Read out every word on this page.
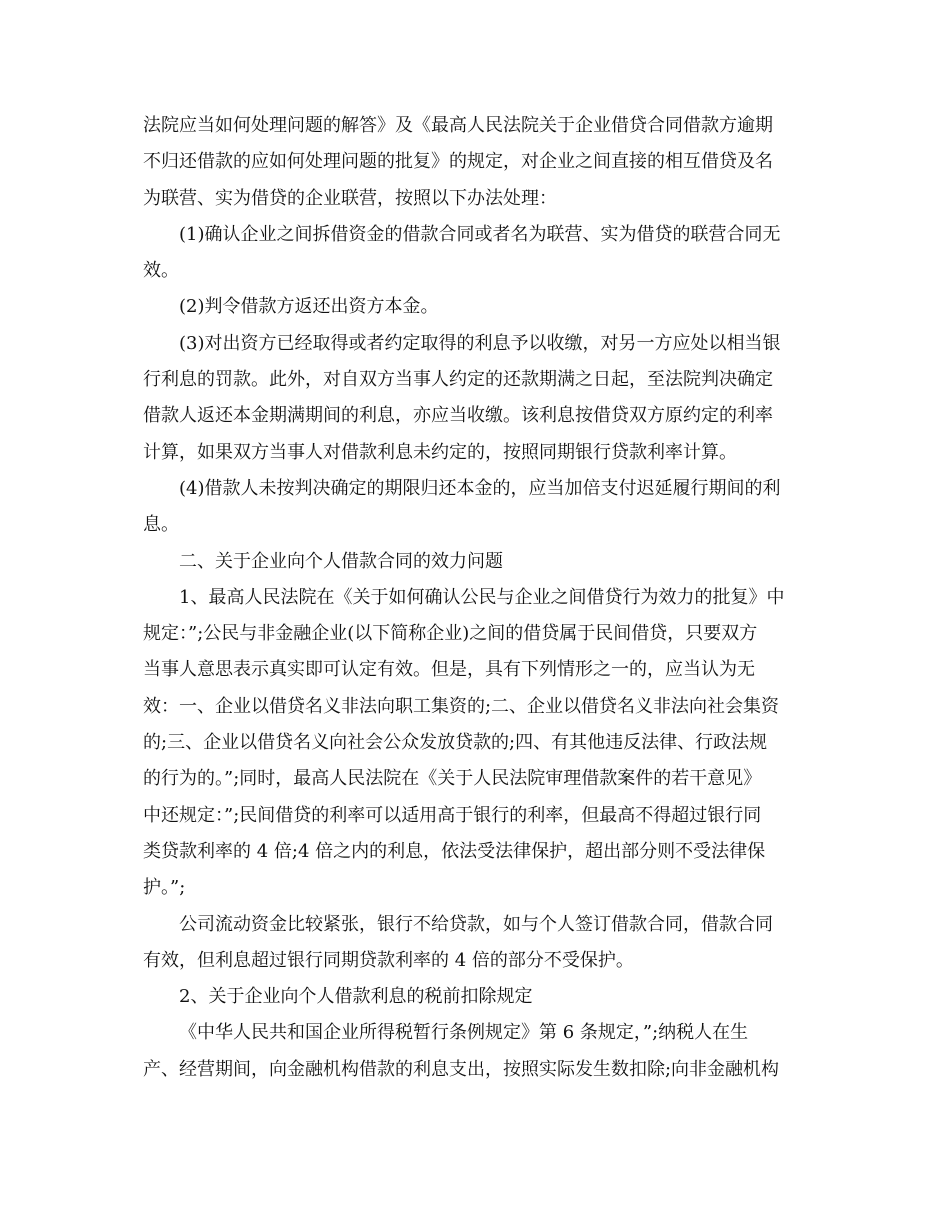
法院应当如何处理问题的解答》及《最高人民法院关于企业借贷合同借款方逾期
不归还借款的应如何处理问题的批复》的规定，对企业之间直接的相互借贷及名
为联营、实为借贷的企业联营，按照以下办法处理：

(1)确认企业之间拆借资金的借款合同或者名为联营、实为借贷的联营合同无
效。

(2)判令借款方返还出资方本金。

(3)对出资方已经取得或者约定取得的利息予以收缴，对另一方应处以相当银
行利息的罚款。此外，对自双方当事人约定的还款期满之日起，至法院判决确定
借款人返还本金期满期间的利息，亦应当收缴。该利息按借贷双方原约定的利率
计算，如果双方当事人对借款利息未约定的，按照同期银行贷款利率计算。

(4)借款人未按判决确定的期限归还本金的，应当加倍支付迟延履行期间的利
息。

二、关于企业向个人借款合同的效力问题

1、最高人民法院在《关于如何确认公民与企业之间借贷行为效力的批复》中
规定：”;公民与非金融企业(以下简称企业)之间的借贷属于民间借贷，只要双方
当事人意思表示真实即可认定有效。但是，具有下列情形之一的，应当认为无
效：一、企业以借贷名义非法向职工集资的;二、企业以借贷名义非法向社会集资
的;三、企业以借贷名义向社会公众发放贷款的;四、有其他违反法律、行政法规
的行为的。”;同时，最高人民法院在《关于人民法院审理借款案件的若干意见》
中还规定：”;民间借贷的利率可以适用高于银行的利率，但最高不得超过银行同
类贷款利率的 4 倍;4 倍之内的利息，依法受法律保护，超出部分则不受法律保
护。”;

公司流动资金比较紧张，银行不给贷款，如与个人签订借款合同，借款合同
有效，但利息超过银行同期贷款利率的 4 倍的部分不受保护。

2、关于企业向个人借款利息的税前扣除规定

《中华人民共和国企业所得税暂行条例规定》第 6 条规定，”;纳税人在生
产、经营期间，向金融机构借款的利息支出，按照实际发生数扣除;向非金融机构
